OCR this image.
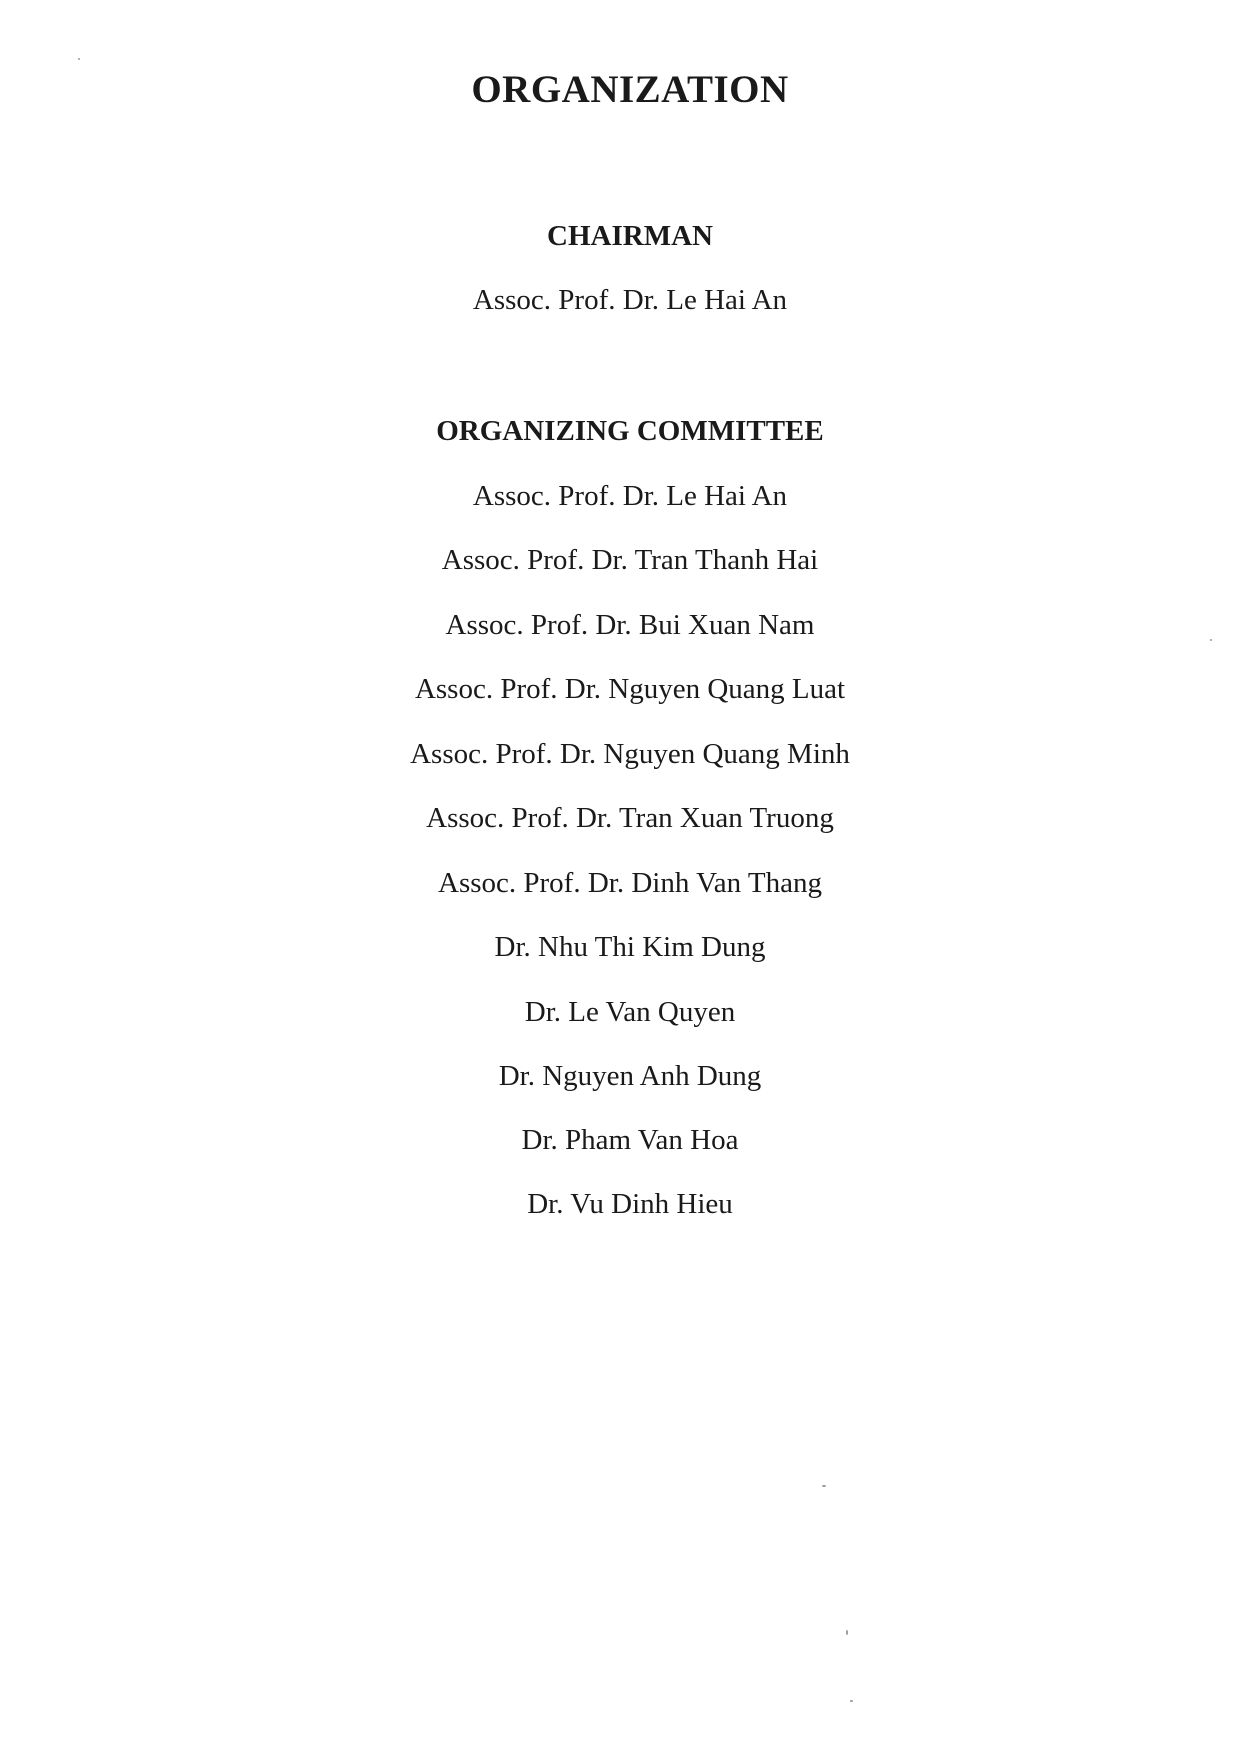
ORGANIZATION
CHAIRMAN
Assoc. Prof. Dr. Le Hai An
ORGANIZING COMMITTEE
Assoc. Prof. Dr. Le Hai An
Assoc. Prof. Dr. Tran Thanh Hai
Assoc. Prof. Dr. Bui Xuan Nam
Assoc. Prof. Dr. Nguyen Quang Luat
Assoc. Prof. Dr. Nguyen Quang Minh
Assoc. Prof. Dr. Tran Xuan Truong
Assoc. Prof. Dr. Dinh Van Thang
Dr. Nhu Thi Kim Dung
Dr. Le Van Quyen
Dr. Nguyen Anh Dung
Dr. Pham Van Hoa
Dr. Vu Dinh Hieu
